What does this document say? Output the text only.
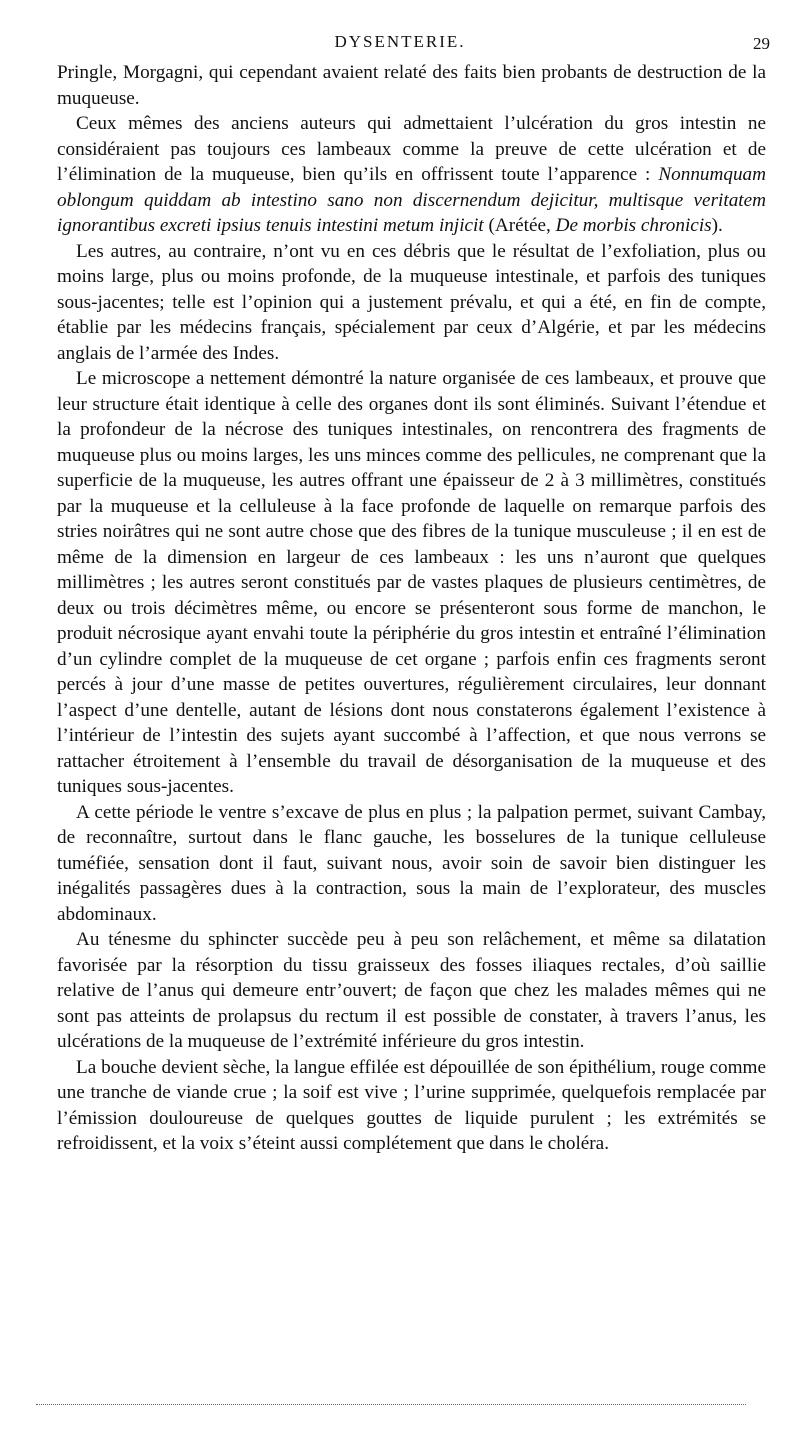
DYSENTERIE.	29

Pringle, Morgagni, qui cependant avaient relaté des faits bien probants de destruction de la muqueuse.

Ceux mêmes des anciens auteurs qui admettaient l’ulcération du gros intestin ne considéraient pas toujours ces lambeaux comme la preuve de cette ulcération et de l’élimination de la muqueuse, bien qu’ils en offrissent toute l’apparence : Nonnumquam oblongum quiddam ab intestino sano non discernendum dejicitur, multisque veritatem ignorantibus excreti ipsius tenuis intestini metum injicit (Arétée, De morbis chronicis).

Les autres, au contraire, n’ont vu en ces débris que le résultat de l’exfoliation, plus ou moins large, plus ou moins profonde, de la muqueuse intestinale, et parfois des tuniques sous-jacentes; telle est l’opinion qui a justement prévalu, et qui a été, en fin de compte, établie par les médecins français, spécialement par ceux d’Algérie, et par les médecins anglais de l’armée des Indes.

Le microscope a nettement démontré la nature organisée de ces lambeaux, et prouve que leur structure était identique à celle des organes dont ils sont éliminés. Suivant l’étendue et la profondeur de la nécrose des tuniques intestinales, on rencontrera des fragments de muqueuse plus ou moins larges, les uns minces comme des pellicules, ne comprenant que la superficie de la muqueuse, les autres offrant une épaisseur de 2 à 3 millimètres, constitués par la muqueuse et la celluleuse à la face profonde de laquelle on remarque parfois des stries noirâtres qui ne sont autre chose que des fibres de la tunique musculeuse ; il en est de même de la dimension en largeur de ces lambeaux : les uns n’auront que quelques millimètres ; les autres seront constitués par de vastes plaques de plusieurs centimètres, de deux ou trois décimètres même, ou encore se présenteront sous forme de manchon, le produit nécrosique ayant envahi toute la périphérie du gros intestin et entraîné l’élimination d’un cylindre complet de la muqueuse de cet organe ; parfois enfin ces fragments seront percés à jour d’une masse de petites ouvertures, régulièrement circulaires, leur donnant l’aspect d’une dentelle, autant de lésions dont nous constaterons également l’existence à l’intérieur de l’intestin des sujets ayant succombé à l’affection, et que nous verrons se rattacher étroitement à l’ensemble du travail de désorganisation de la muqueuse et des tuniques sous-jacentes.

A cette période le ventre s’excave de plus en plus ; la palpation permet, suivant Cambay, de reconnaître, surtout dans le flanc gauche, les bosselures de la tunique celluleuse tuméfiée, sensation dont il faut, suivant nous, avoir soin de savoir bien distinguer les inégalités passagères dues à la contraction, sous la main de l’explorateur, des muscles abdominaux.

Au ténesme du sphincter succède peu à peu son relâchement, et même sa dilatation favorisée par la résorption du tissu graisseux des fosses iliaques rectales, d’où saillie relative de l’anus qui demeure entr’ouvert; de façon que chez les malades mêmes qui ne sont pas atteints de prolapsus du rectum il est possible de constater, à travers l’anus, les ulcérations de la muqueuse de l’extrémité inférieure du gros intestin.

La bouche devient sèche, la langue effilée est dépouillée de son épithélium, rouge comme une tranche de viande crue ; la soif est vive ; l’urine supprimée, quelquefois remplacée par l’émission douloureuse de quelques gouttes de liquide purulent ; les extrémités se refroidissent, et la voix s’éteint aussi complétement que dans le choléra.
